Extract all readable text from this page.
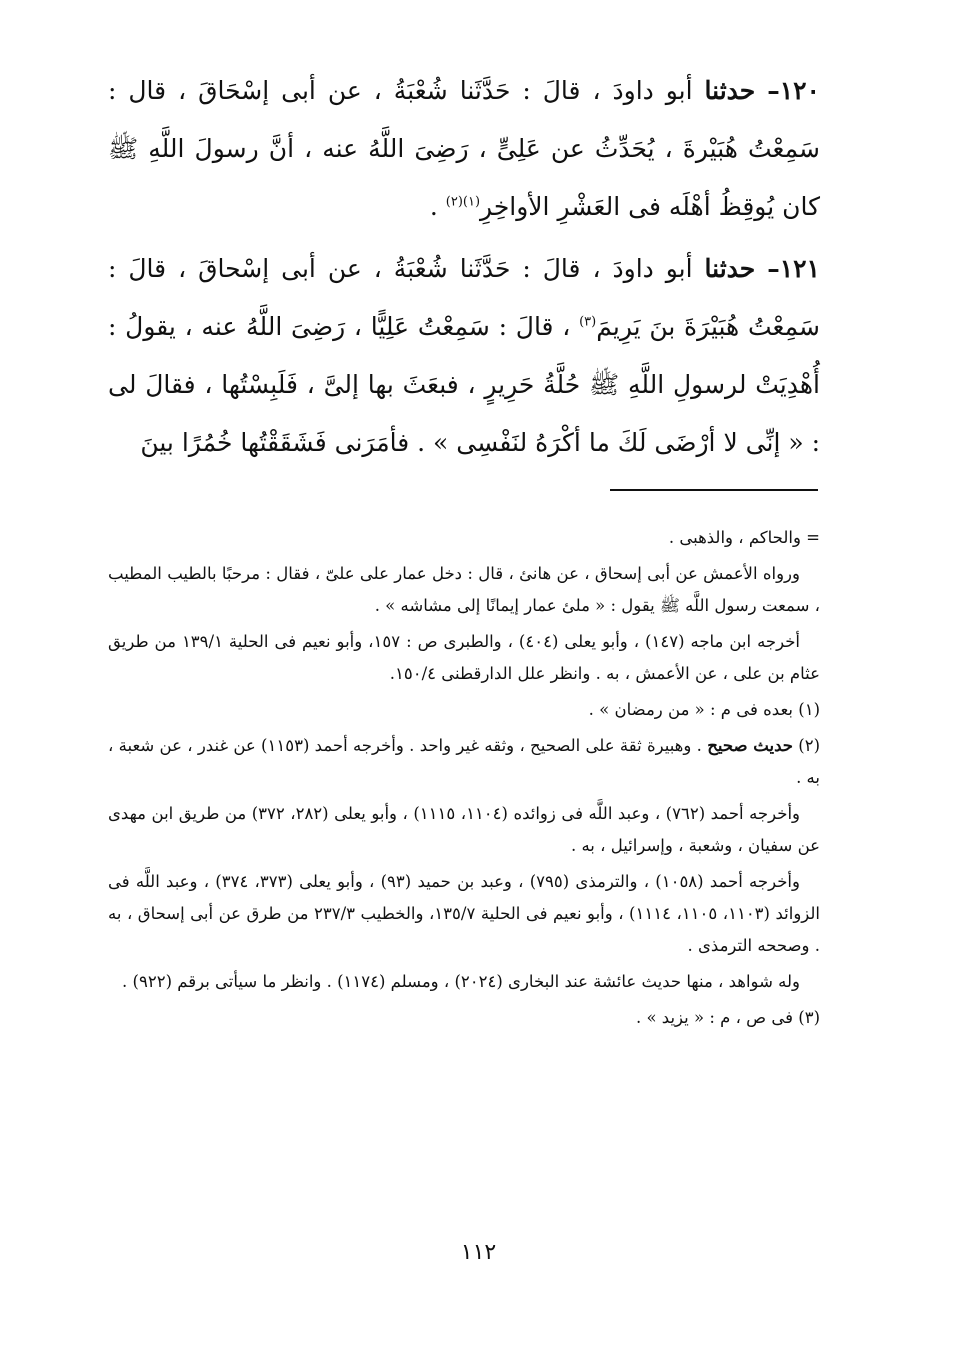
١٢٠– حدثنا أبو داودَ ، قالَ : حَدَّثَنا شُعْبَةُ ، عن أبى إسْحَاقَ ، قال : سَمِعْتُ هُبَيْرةَ ، يُحَدِّثُ عن عَلِىٍّ ، رَضِىَ اللَّهُ عنه ، أنَّ رسولَ اللَّهِ ﷺ كان يُوقِظُ أهْلَه فى العَشْرِ الأواخِرِ$^{(١)(٢)}$ .
١٢١– حدثنا أبو داودَ ، قالَ : حَدَّثَنا شُعْبَةُ ، عن أبى إسْحاقَ ، قالَ : سَمِعْتُ هُبَيْرَةَ بنَ يَرِيمَ$^{(٣)}$ ، قالَ : سَمِعْتُ عَلِيًّا ، رَضِىَ اللَّهُ عنه ، يقولُ : أُهْدِيَتْ لرسولِ اللَّهِ ﷺ حُلَّةُ حَرِيرٍ ، فبعَثَ بها إلىَّ ، فَلَبِسْتُها ، فقالَ لى : « إنِّى لا أرْضَى لَكَ ما أكْرَهُ لنَفْسِى » . فأمَرَنى فَشَقَقْتُها خُمُرًا بينَ

= والحاكم ، والذهبى .

ورواه الأعمش عن أبى إسحاق ، عن هانئ ، قال : دخل عمار على علىّ ، فقال : مرحبًا بالطيب المطيب ، سمعت رسول اللَّه ﷺ يقول : « ملئ عمار إيمانًا إلى مشاشه » .

أخرجه ابن ماجه (١٤٧) ، وأبو يعلى (٤٠٤) ، والطبرى ص : ١٥٧، وأبو نعيم فى الحلية ١٣٩/١ من طريق عثام بن على ، عن الأعمش ، به . وانظر علل الدارقطنى ١٥٠/٤.

(١) بعده فى م : « من رمضان » .

(٢) حديث صحيح . وهبيرة ثقة على الصحيح ، وثقه غير واحد . وأخرجه أحمد (١١٥٣) عن غندر ، عن شعبة ، به .

وأخرجه أحمد (٧٦٢) ، وعبد اللَّه فى زوائده (١١٠٤، ١١١٥) ، وأبو يعلى (٢٨٢، ٣٧٢) من طريق ابن مهدى عن سفيان ، وشعبة ، وإسرائيل ، به .

وأخرجه أحمد (١٠٥٨) ، والترمذى (٧٩٥) ، وعبد بن حميد (٩٣) ، وأبو يعلى (٣٧٣، ٣٧٤) ، وعبد اللَّه فى الزوائد (١١٠٣، ١١٠٥، ١١١٤) ، وأبو نعيم فى الحلية ١٣٥/٧، والخطيب ٢٣٧/٣ من طرق عن أبى إسحاق ، به . وصححه الترمذى .

وله شواهد ، منها حديث عائشة عند البخارى (٢٠٢٤) ، ومسلم (١١٧٤) . وانظر ما سيأتى برقم (٩٢٢) .

(٣) فى ص ، م : « يزيد » .

١١٢
